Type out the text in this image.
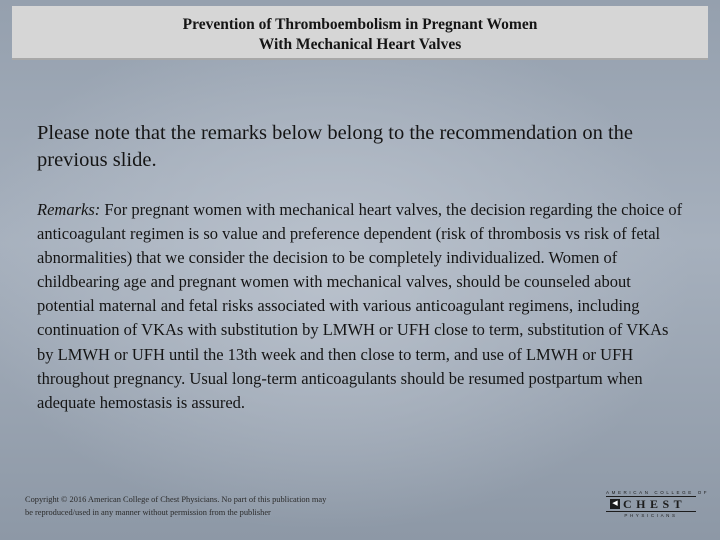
Prevention of Thromboembolism in Pregnant Women
With Mechanical Heart Valves
Please note that the remarks below belong to the recommendation on the previous slide.
Remarks: For pregnant women with mechanical heart valves, the decision regarding the choice of anticoagulant regimen is so value and preference dependent (risk of thrombosis vs risk of fetal abnormalities) that we consider the decision to be completely individualized. Women of childbearing age and pregnant women with mechanical valves, should be counseled about potential maternal and fetal risks associated with various anticoagulant regimens, including continuation of VKAs with substitution by LMWH or UFH close to term, substitution of VKAs by LMWH or UFH until the 13th week and then close to term, and use of LMWH or UFH throughout pregnancy. Usual long-term anticoagulants should be resumed postpartum when adequate hemostasis is assured.
Copyright © 2016 American College of Chest Physicians. No part of this publication may
be reproduced/used in any manner without permission from the publisher
AMERICAN COLLEGE OF
◀ CHEST
PHYSICIANS
